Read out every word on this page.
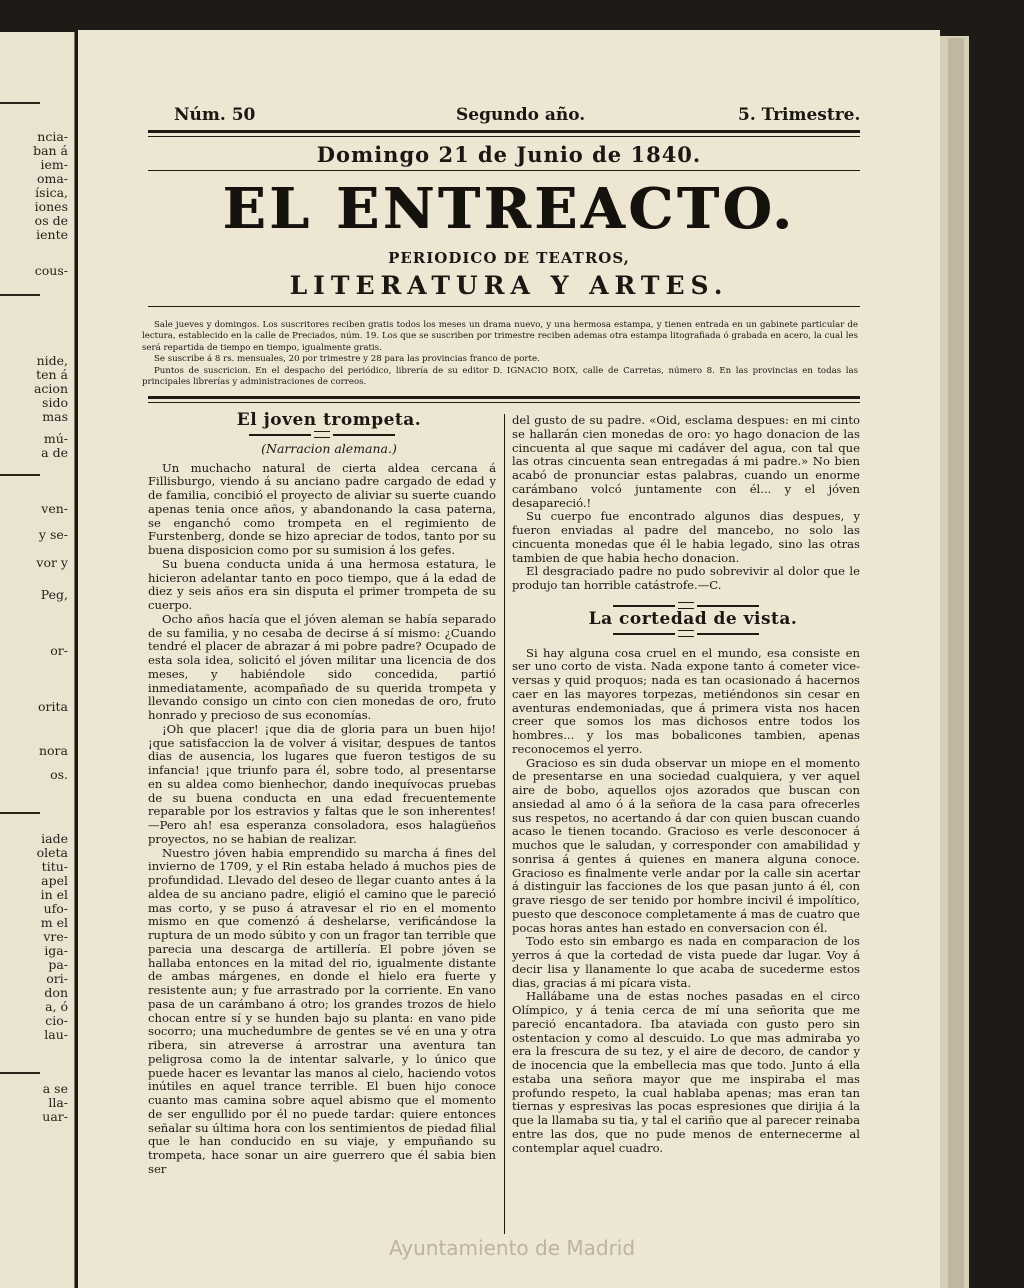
ncia-
ban á
iem-
oma-
ísica,
iones
os de
iente
cous-
nide,
ten á
acion
sido
mas
mú-
a de
ven-
y se-
vor y
Peg,
or-
orita
nora
os.
iade
oleta
titu-
apel
in el
ufo-
m el
vre-
iga-
pa-
ori-
don
a, ó
cio-
lau-
a se
lla-
uar-
Núm. 50	Segundo año.	5. Trimestre.
Domingo 21 de Junio de 1840.
EL ENTREACTO.
PERIODICO DE TEATROS,
LITERATURA Y ARTES.

Sale jueves y domingos. Los suscritores reciben gratis todos los meses un drama nuevo, y una hermosa estampa, y tienen entrada en un gabinete particular de lectura, establecido en la calle de Preciados, núm. 19. Los que se suscriben por trimestre reciben ademas otra estampa litografiada ó grabada en acero, la cual les será repartida de tiempo en tiempo, igualmente gratis.

Se suscribe á 8 rs. mensuales, 20 por trimestre y 28 para las provincias franco de porte.

Puntos de suscricion. En el despacho del periódico, librería de su editor D. IGNACIO BOIX, calle de Carretas, número 8. En las provincias en todas las principales librerías y administraciones de correos.

El joven trompeta.

(Narracion alemana.)

Un muchacho natural de cierta aldea cercana á Fillisburgo, viendo á su anciano padre cargado de edad y de familia, concibió el proyecto de aliviar su suerte cuando apenas tenia once años, y abandonando la casa paterna, se enganchó como trompeta en el regimiento de Furstenberg, donde se hizo apreciar de todos, tanto por su buena disposicion como por su sumision á los gefes.

Su buena conducta unida á una hermosa estatura, le hicieron adelantar tanto en poco tiempo, que á la edad de diez y seis años era sin disputa el primer trompeta de su cuerpo.

Ocho años hacía que el jóven aleman se había separado de su familia, y no cesaba de decirse á sí mismo: ¿Cuando tendré el placer de abrazar á mi pobre padre? Ocupado de esta sola idea, solicitó el jóven militar una licencia de dos meses, y habiéndole sido concedida, partió inmediatamente, acompañado de su querida trompeta y llevando consigo un cinto con cien monedas de oro, fruto honrado y precioso de sus economías.

¡Oh que placer! ¡que dia de gloria para un buen hijo! ¡que satisfaccion la de volver á visitar, despues de tantos dias de ausencia, los lugares que fueron testigos de su infancia! ¡que triunfo para él, sobre todo, al presentarse en su aldea como bienhechor, dando inequívocas pruebas de su buena conducta en una edad frecuentemente reparable por los estravios y faltas que le son inherentes!—Pero ah! esa esperanza consoladora, esos halagüeños proyectos, no se habian de realizar.

Nuestro jóven habia emprendido su marcha á fines del invierno de 1709, y el Rin estaba helado á muchos pies de profundidad. Llevado del deseo de llegar cuanto antes á la aldea de su anciano padre, eligió el camino que le pareció mas corto, y se puso á atravesar el rio en el momento mismo en que comenzó á deshelarse, verificándose la ruptura de un modo súbito y con un fragor tan terrible que parecia una descarga de artillería. El pobre jóven se hallaba entonces en la mitad del rio, igualmente distante de ambas márgenes, en donde el hielo era fuerte y resistente aun; y fue arrastrado por la corriente. En vano pasa de un carámbano á otro; los grandes trozos de hielo chocan entre sí y se hunden bajo su planta: en vano pide socorro; una muchedumbre de gentes se vé en una y otra ribera, sin atreverse á arrostrar una aventura tan peligrosa como la de intentar salvarle, y lo único que puede hacer es levantar las manos al cielo, haciendo votos inútiles en aquel trance terrible. El buen hijo conoce cuanto mas camina sobre aquel abismo que el momento de ser engullido por él no puede tardar: quiere entonces señalar su última hora con los sentimientos de piedad filial que le han conducido en su viaje, y empuñando su trompeta, hace sonar un aire guerrero que él sabia bien ser

del gusto de su padre. «Oid, esclama despues: en mi cinto se hallarán cien monedas de oro: yo hago donacion de las cincuenta al que saque mi cadáver del agua, con tal que las otras cincuenta sean entregadas á mi padre.» No bien acabó de pronunciar estas palabras, cuando un enorme carámbano volcó juntamente con él... y el jóven desapareció.!

Su cuerpo fue encontrado algunos dias despues, y fueron enviadas al padre del mancebo, no solo las cincuenta monedas que él le habia legado, sino las otras tambien de que habia hecho donacion.

El desgraciado padre no pudo sobrevivir al dolor que le produjo tan horrible catástrofe.—C.

La cortedad de vista.

Si hay alguna cosa cruel en el mundo, esa consiste en ser uno corto de vista. Nada expone tanto á cometer vice-versas y quid proquos; nada es tan ocasionado á hacernos caer en las mayores torpezas, metiéndonos sin cesar en aventuras endemoniadas, que á primera vista nos hacen creer que somos los mas dichosos entre todos los hombres... y los mas bobalicones tambien, apenas reconocemos el yerro.

Gracioso es sin duda observar un miope en el momento de presentarse en una sociedad cualquiera, y ver aquel aire de bobo, aquellos ojos azorados que buscan con ansiedad al amo ó á la señora de la casa para ofrecerles sus respetos, no acertando á dar con quien buscan cuando acaso le tienen tocando. Gracioso es verle desconocer á muchos que le saludan, y corresponder con amabilidad y sonrisa á gentes á quienes en manera alguna conoce. Gracioso es finalmente verle andar por la calle sin acertar á distinguir las facciones de los que pasan junto á él, con grave riesgo de ser tenido por hombre incivil é impolítico, puesto que desconoce completamente á mas de cuatro que pocas horas antes han estado en conversacion con él.

Todo esto sin embargo es nada en comparacion de los yerros á que la cortedad de vista puede dar lugar. Voy á decir lisa y llanamente lo que acaba de sucederme estos dias, gracias á mi pícara vista.

Hallábame una de estas noches pasadas en el circo Olímpico, y á tenia cerca de mí una señorita que me pareció encantadora. Iba ataviada con gusto pero sin ostentacion y como al descuido. Lo que mas admiraba yo era la frescura de su tez, y el aire de decoro, de candor y de inocencia que la embellecia mas que todo. Junto á ella estaba una señora mayor que me inspiraba el mas profundo respeto, la cual hablaba apenas; mas eran tan tiernas y espresivas las pocas espresiones que dirijia á la que la llamaba su tia, y tal el cariño que al parecer reinaba entre las dos, que no pude menos de enternecerme al contemplar aquel cuadro.

Ayuntamiento de Madrid
